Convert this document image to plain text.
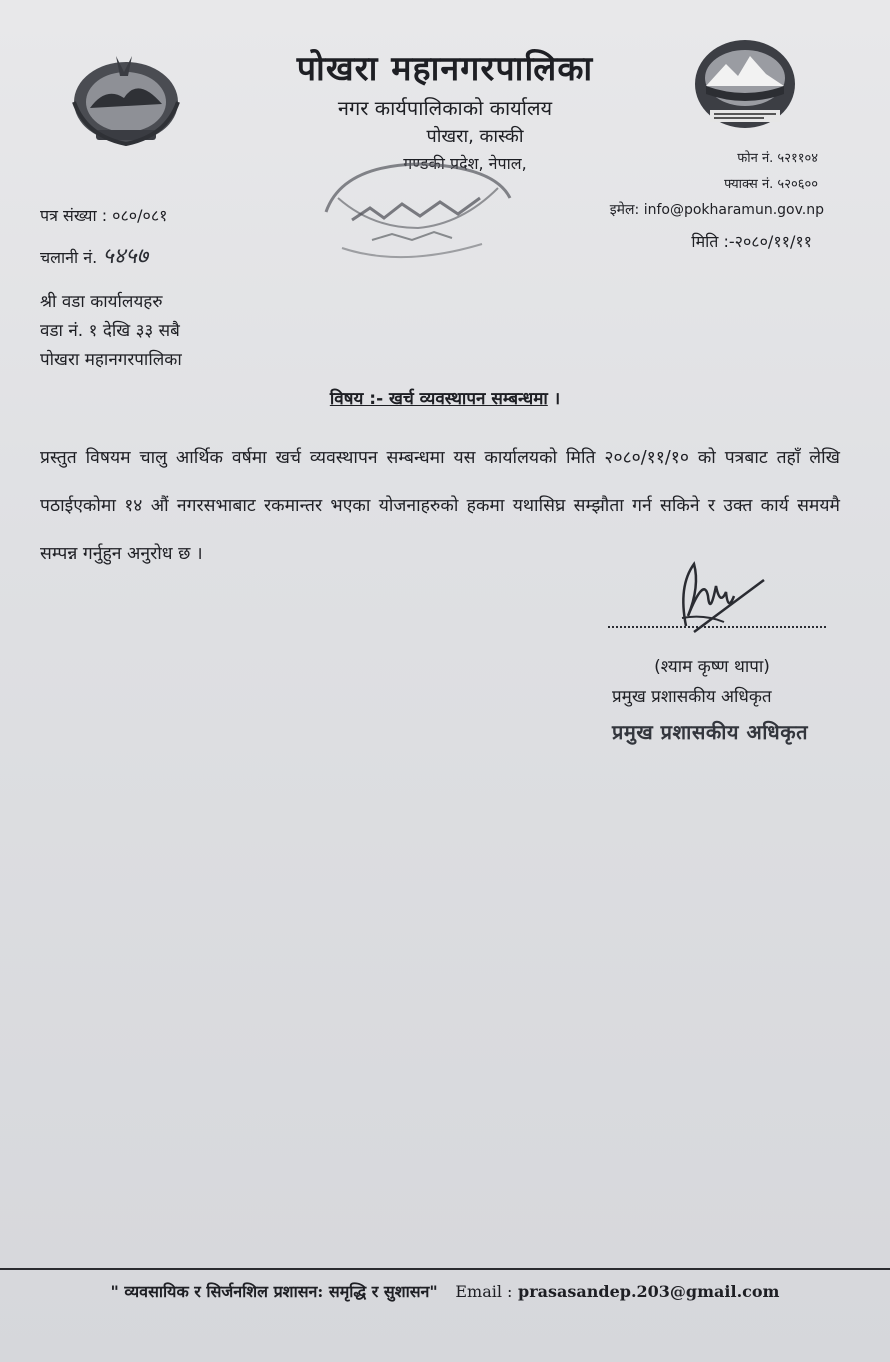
पोखरा महानगरपालिका
नगर कार्यपालिकाको कार्यालय
पोखरा, कास्की
गण्डकी प्रदेश, नेपाल,	फोन नं. ५२११०४
फ्याक्स नं. ५२०६००
इमेल: info@pokharamun.gov.np
मिति :-२०८०/११/११
पत्र संख्या : ०८०/०८१
चलानी नं. ५४५७
श्री वडा कार्यालयहरु
वडा नं. १ देखि ३३ सबै
पोखरा महानगरपालिका
विषय :- खर्च व्यवस्थापन सम्बन्धमा ।
प्रस्तुत विषयम चालु आर्थिक वर्षमा खर्च व्यवस्थापन सम्बन्धमा यस कार्यालयको मिति २०८०/११/१० को पत्रबाट तहाँ लेखि पठाईएकोमा १४ औं नगरसभाबाट रकमान्तर भएका योजनाहरुको हकमा यथासिघ्र सम्झौता गर्न सकिने र उक्त कार्य समयमै सम्पन्न गर्नुहुन अनुरोध छ ।
(श्याम कृष्ण थापा)
प्रमुख प्रशासकीय अधिकृत
प्रमुख प्रशासकीय अधिकृत
" व्यवसायिक र सिर्जनशिल प्रशासन: समृद्धि र सुशासन" Email : prasasandep.203@gmail.com
